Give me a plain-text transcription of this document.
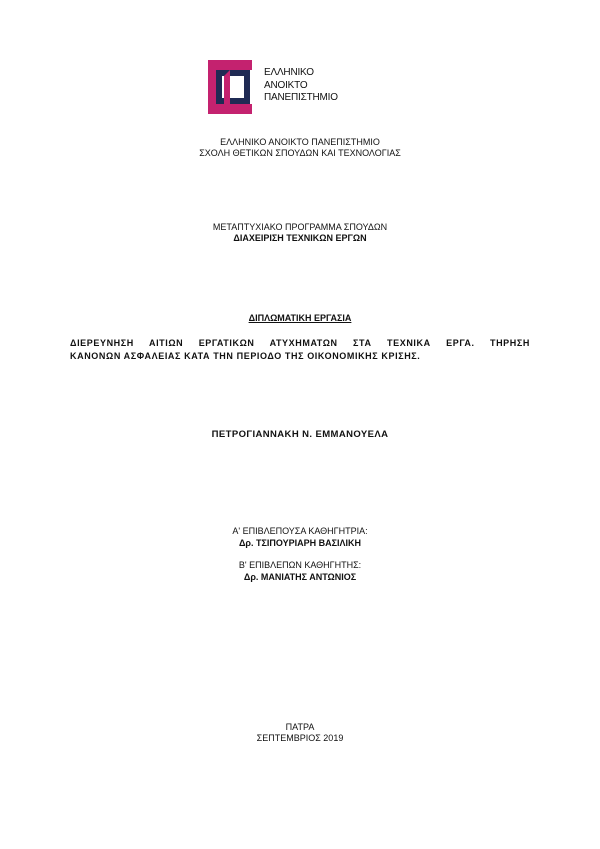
ΕΛΛΗΝΙΚΟ
ΑΝΟΙΚΤΟ
ΠΑΝΕΠΙΣΤΗΜΙΟ
ΕΛΛΗΝΙΚΟ ΑΝΟΙΚΤΟ ΠΑΝΕΠΙΣΤΗΜΙΟ
ΣΧΟΛΗ ΘΕΤΙΚΩΝ ΣΠΟΥΔΩΝ ΚΑΙ ΤΕΧΝΟΛΟΓΙΑΣ
ΜΕΤΑΠΤΥΧΙΑΚΟ ΠΡΟΓΡΑΜΜΑ ΣΠΟΥΔΩΝ
ΔΙΑΧΕΙΡΙΣΗ ΤΕΧΝΙΚΩΝ ΕΡΓΩΝ
ΔΙΠΛΩΜΑΤΙΚΗ ΕΡΓΑΣΙΑ
ΔΙΕΡΕΥΝΗΣΗ ΑΙΤΙΩΝ ΕΡΓΑΤΙΚΩΝ ΑΤΥΧΗΜΑΤΩΝ ΣΤΑ ΤΕΧΝΙΚΑ ΕΡΓΑ. ΤΗΡΗΣΗ
ΚΑΝΟΝΩΝ ΑΣΦΑΛΕΙΑΣ ΚΑΤΑ ΤΗΝ ΠΕΡΙΟΔΟ ΤΗΣ ΟΙΚΟΝΟΜΙΚΗΣ ΚΡΙΣΗΣ.
ΠΕΤΡΟΓΙΑΝΝΑΚΗ Ν. ΕΜΜΑΝΟΥΕΛΑ
Α' ΕΠΙΒΛΕΠΟΥΣΑ ΚΑΘΗΓΗΤΡΙΑ:
Δρ. ΤΣΙΠΟΥΡΙΑΡΗ ΒΑΣΙΛΙΚΗ
Β' ΕΠΙΒΛΕΠΩΝ ΚΑΘΗΓΗΤΗΣ:
Δρ. ΜΑΝΙΑΤΗΣ ΑΝΤΩΝΙΟΣ
ΠΑΤΡΑ
ΣΕΠΤΕΜΒΡΙΟΣ 2019
